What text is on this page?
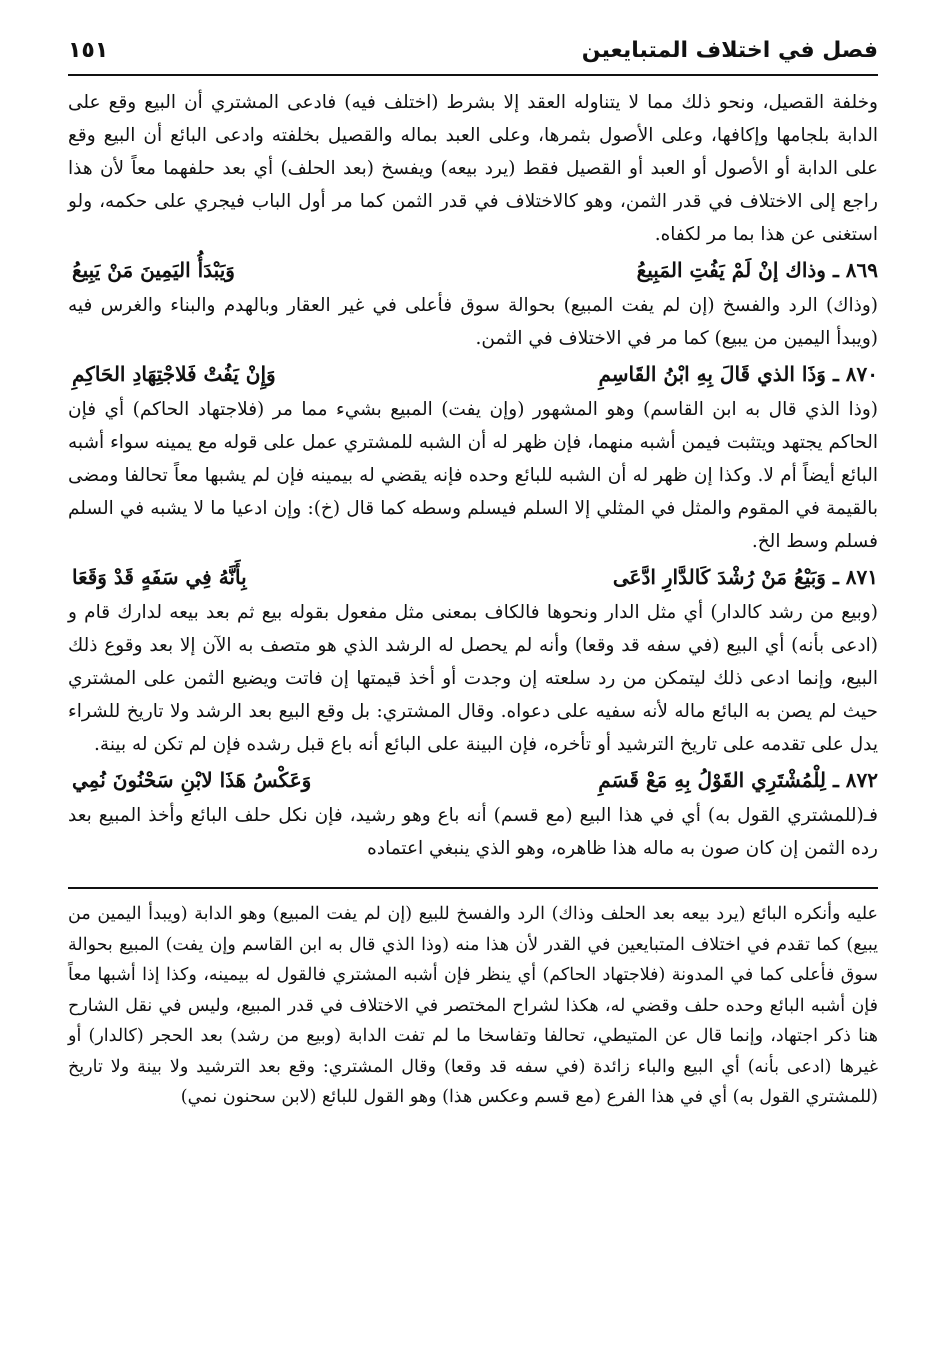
فصل في اختلاف المتبايعين
١٥١

وخلفة القصيل، ونحو ذلك مما لا يتناوله العقد إلا بشرط (اختلف فيه) فادعى المشتري أن البيع وقع على الدابة بلجامها وإكافها، وعلى الأصول بثمرها، وعلى العبد بماله والقصيل بخلفته وادعى البائع أن البيع وقع على الدابة أو الأصول أو العبد أو القصيل فقط (يرد بيعه) ويفسخ (بعد الحلف) أي بعد حلفهما معاً لأن هذا راجع إلى الاختلاف في قدر الثمن، وهو كالاختلاف في قدر الثمن كما مر أول الباب فيجري على حكمه، ولو استغنى عن هذا بما مر لكفاه.

٨٦٩ ـ وذاك إنْ لَمْ يَفُتِ المَبِيعُ
وَيَبْدَأُ اليَمِينَ مَنْ يَبِيعُ

(وذاك) الرد والفسخ (إن لم يفت المبيع) بحوالة سوق فأعلى في غير العقار وبالهدم والبناء والغرس فيه (ويبدأ اليمين من يبيع) كما مر في الاختلاف في الثمن.

٨٧٠ ـ وَذَا الذي قَالَ بِهِ ابْنُ القَاسِمِ
وَإِنْ يَفُتْ فَلاجْتِهَادِ الحَاكِمِ

(وذا الذي قال به ابن القاسم) وهو المشهور (وإن يفت) المبيع بشيء مما مر (فلاجتهاد الحاكم) أي فإن الحاكم يجتهد ويتثبت فيمن أشبه منهما، فإن ظهر له أن الشبه للمشتري عمل على قوله مع يمينه سواء أشبه البائع أيضاً أم لا. وكذا إن ظهر له أن الشبه للبائع وحده فإنه يقضي له بيمينه فإن لم يشبها معاً تحالفا ومضى بالقيمة في المقوم والمثل في المثلي إلا السلم فيسلم وسطه كما قال (خ): وإن ادعيا ما لا يشبه في السلم فسلم وسط الخ.

٨٧١ ـ وَبَيْعُ مَنْ رُشْدَ كَالدَّارِ ادَّعَى
بِأَنَّهُ فِي سَفَهٍ قَدْ وَقَعَا

(وبيع من رشد كالدار) أي مثل الدار ونحوها فالكاف بمعنى مثل مفعول بقوله بيع ثم بعد بيعه لدارك قام و (ادعى بأنه) أي البيع (في سفه قد وقعا) وأنه لم يحصل له الرشد الذي هو متصف به الآن إلا بعد وقوع ذلك البيع، وإنما ادعى ذلك ليتمكن من رد سلعته إن وجدت أو أخذ قيمتها إن فاتت ويضيع الثمن على المشتري حيث لم يصن به البائع ماله لأنه سفيه على دعواه. وقال المشتري: بل وقع البيع بعد الرشد ولا تاريخ للشراء يدل على تقدمه على تاريخ الترشيد أو تأخره، فإن البينة على البائع أنه باع قبل رشده فإن لم تكن له بينة.

٨٧٢ ـ لِلْمُشْتَرِي القَوْلُ بِهِ مَعْ قَسَمِ
وَعَكْسُ هَذَا لابْنِ سَحْنُونَ نُمِي

فـ(للمشتري القول به) أي في هذا البيع (مع قسم) أنه باع وهو رشيد، فإن نكل حلف البائع وأخذ المبيع بعد رده الثمن إن كان صون به ماله هذا ظاهره، وهو الذي ينبغي اعتماده

عليه وأنكره البائع (يرد بيعه بعد الحلف وذاك) الرد والفسخ للبيع (إن لم يفت المبيع) وهو الدابة (ويبدأ اليمين من يبيع) كما تقدم في اختلاف المتبايعين في القدر لأن هذا منه (وذا الذي قال به ابن القاسم وإن يفت) المبيع بحوالة سوق فأعلى كما في المدونة (فلاجتهاد الحاكم) أي ينظر فإن أشبه المشتري فالقول له بيمينه، وكذا إذا أشبها معاً فإن أشبه البائع وحده حلف وقضي له، هكذا لشراح المختصر في الاختلاف في قدر المبيع، وليس في نقل الشارح هنا ذكر اجتهاد، وإنما قال عن المتيطي، تحالفا وتفاسخا ما لم تفت الدابة (وبيع من رشد) بعد الحجر (كالدار) أو غيرها (ادعى بأنه) أي البيع والباء زائدة (في سفه قد وقعا) وقال المشتري: وقع بعد الترشيد ولا بينة ولا تاريخ (للمشتري القول به) أي في هذا الفرع (مع قسم وعكس هذا) وهو القول للبائع (لابن سحنون نمي)
